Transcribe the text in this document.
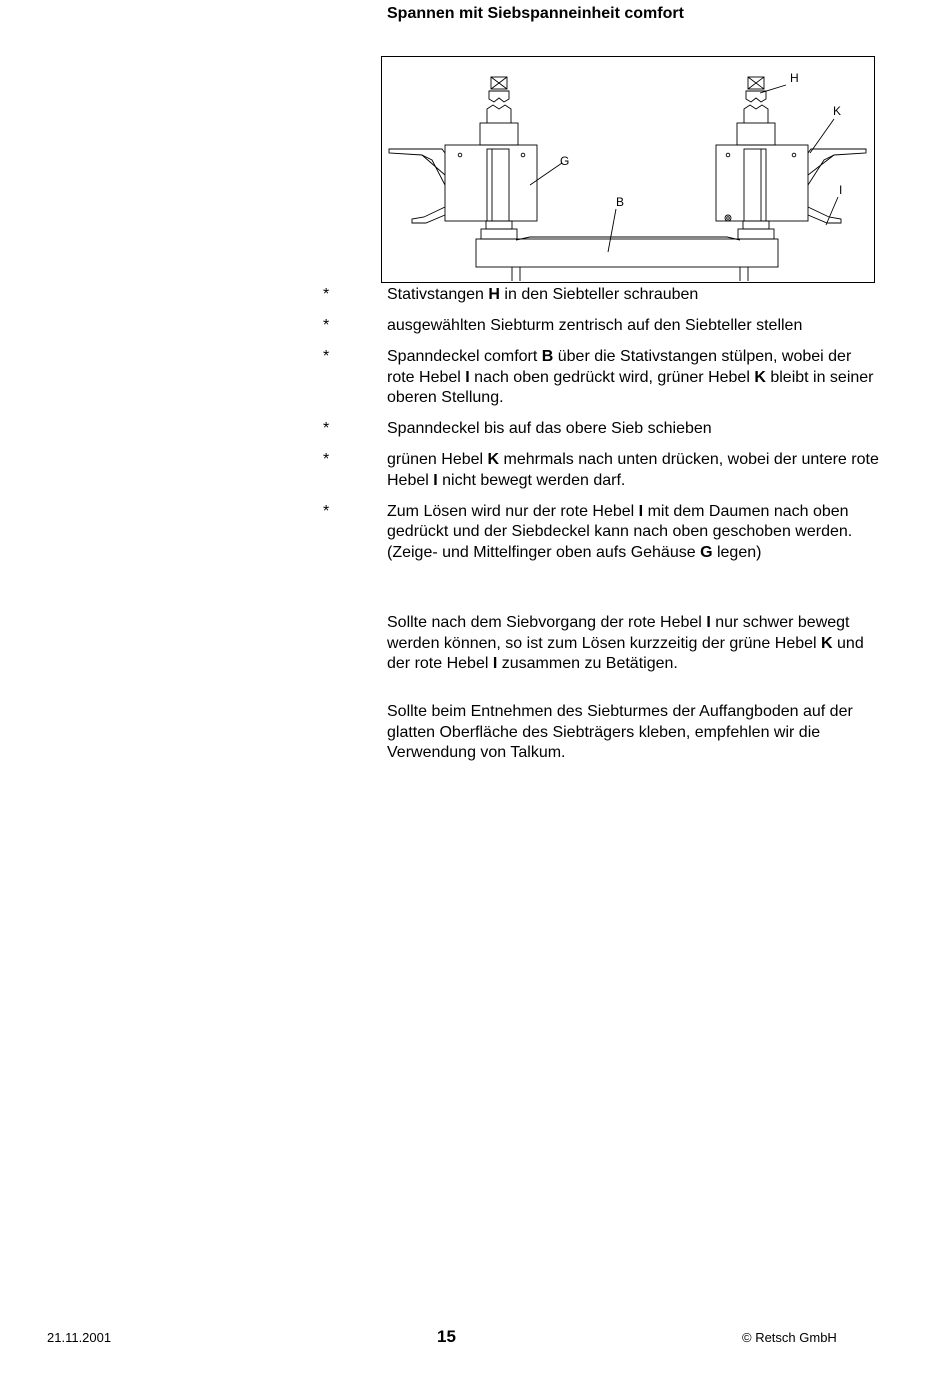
Spannen mit Siebspanneinheit comfort
G
B
H
K
I
*	Stativstangen H in den Siebteller schrauben
*	ausgewählten Siebturm zentrisch auf den Siebteller stellen
*	Spanndeckel comfort B über die Stativstangen stülpen, wobei der rote Hebel I nach oben gedrückt wird, grüner Hebel K bleibt in seiner oberen Stellung.
*	Spanndeckel bis auf das obere Sieb schieben
*	grünen Hebel K mehrmals nach unten drücken, wobei der untere rote Hebel I nicht bewegt werden darf.
*	Zum Lösen wird nur der rote Hebel I mit dem Daumen nach oben gedrückt und der Siebdeckel kann nach oben geschoben werden.
(Zeige- und Mittelfinger oben aufs Gehäuse G legen)
Sollte nach dem Siebvorgang der rote Hebel I nur schwer bewegt werden können, so ist zum Lösen kurzzeitig der grüne Hebel K und der rote Hebel I zusammen zu Betätigen.
Sollte beim Entnehmen des Siebturmes der Auffangboden auf der glatten Oberfläche des Siebträgers kleben, empfehlen wir die Verwendung von Talkum.
21.11.2001	15	© Retsch GmbH
